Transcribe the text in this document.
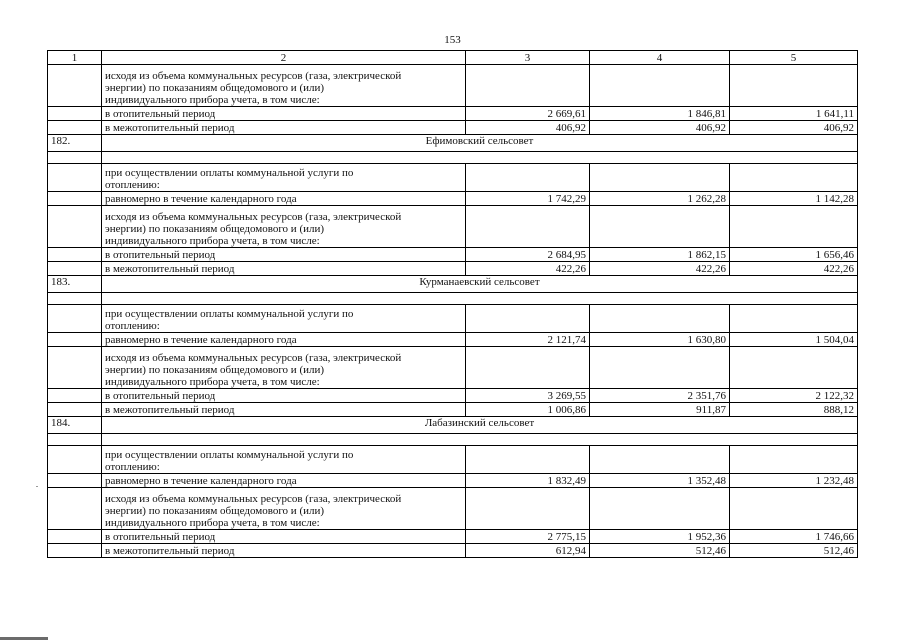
153
1	2	3	4	5

	исходя из объема коммунальных ресурсов (газа, электрической
энергии) по показаниям общедомового и (или)
индивидуального прибора учета, в том числе:			

	в отопительный период	2 669,61	1 846,81	1 641,11
	в межотопительный период	406,92	406,92	406,92
182.	Ефимовский сельсовет			

	при осуществлении оплаты коммунальной услуги по
отоплению:			

	равномерно в течение календарного года	1 742,29	1 262,28	1 142,28

	исходя из объема коммунальных ресурсов (газа, электрической
энергии) по показаниям общедомового и (или)
индивидуального прибора учета, в том числе:			

	в отопительный период	2 684,95	1 862,15	1 656,46
	в межотопительный период	422,26	422,26	422,26
183.	Курманаевский сельсовет			

	при осуществлении оплаты коммунальной услуги по
отоплению:			

	равномерно в течение календарного года	2 121,74	1 630,80	1 504,04

	исходя из объема коммунальных ресурсов (газа, электрической
энергии) по показаниям общедомового и (или)
индивидуального прибора учета, в том числе:			

	в отопительный период	3 269,55	2 351,76	2 122,32
	в межотопительный период	1 006,86	911,87	888,12
184.	Лабазинский сельсовет			

	при осуществлении оплаты коммунальной услуги по
отоплению:			

	равномерно в течение календарного года	1 832,49	1 352,48	1 232,48

	исходя из объема коммунальных ресурсов (газа, электрической
энергии) по показаниям общедомового и (или)
индивидуального прибора учета, в том числе:			

	в отопительный период	2 775,15	1 952,36	1 746,66
	в межотопительный период	612,94	512,46	512,46
